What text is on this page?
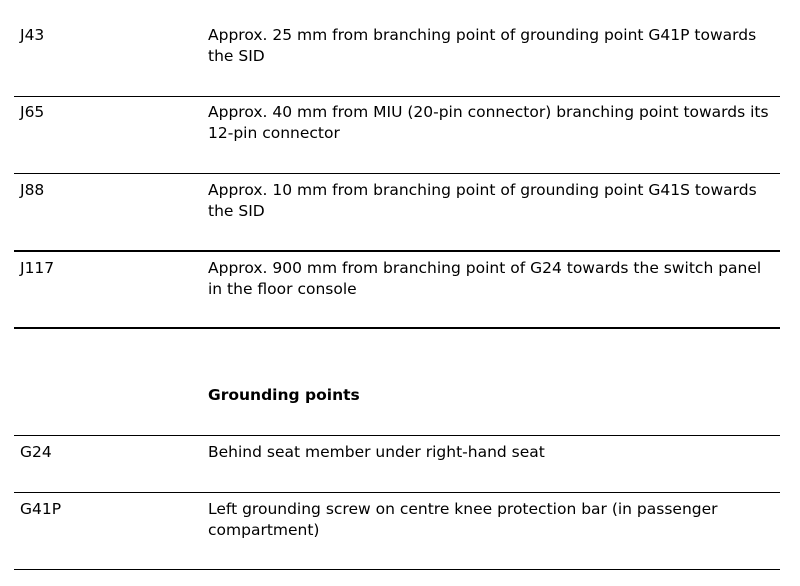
J43	Approx. 25 mm from branching point of grounding point G41P towards the SID
J65	Approx. 40 mm from MIU (20-pin connector) branching point towards its 12-pin connector
J88	Approx. 10 mm from branching point of grounding point G41S towards the SID
J117	Approx. 900 mm from branching point of G24 towards the switch panel in the floor console
Grounding points
G24	Behind seat member under right-hand seat
G41P	Left grounding screw on centre knee protection bar (in passenger compartment)
